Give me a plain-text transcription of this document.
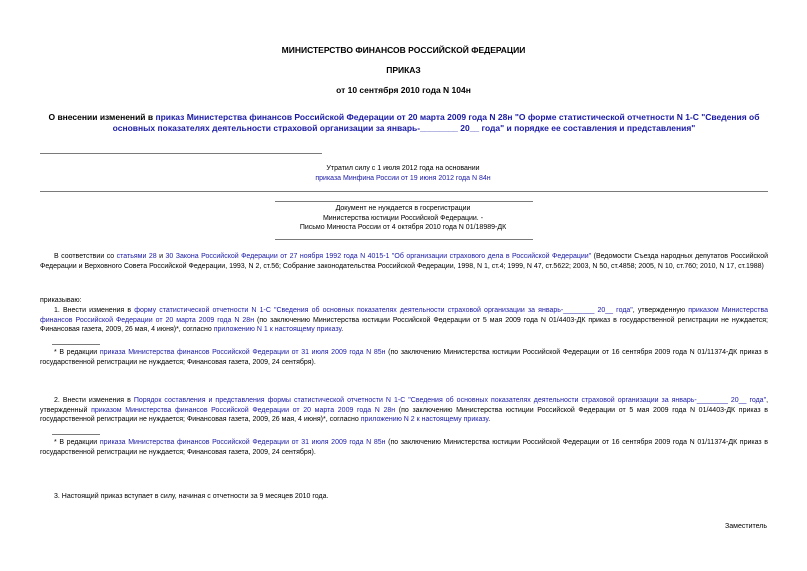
МИНИСТЕРСТВО ФИНАНСОВ РОССИЙСКОЙ ФЕДЕРАЦИИ
ПРИКАЗ
от 10 сентября 2010 года N 104н
О внесении изменений в приказ Министерства финансов Российской Федерации от 20 марта 2009 года N 28н "О форме статистической отчетности N 1-С "Сведения об основных показателях деятельности страховой организации за январь-________ 20__ года" и порядке ее составления и представления"
Утратил силу с 1 июля 2012 года на основании
приказа Минфина России от 19 июня 2012 года N 84н
Документ не нуждается в госрегистрации
Министерства юстиции Российской Федерации. -
Письмо Минюста России от 4 октября 2010 года N 01/18989-ДК
В соответствии со статьями 28 и 30 Закона Российской Федерации от 27 ноября 1992 года N 4015-1 "Об организации страхового дела в Российской Федерации" (Ведомости Съезда народных депутатов Российской Федерации и Верховного Совета Российской Федерации, 1993, N 2, ст.56; Собрание законодательства Российской Федерации, 1998, N 1, ст.4; 1999, N 47, ст.5622; 2003, N 50, ст.4858; 2005, N 10, ст.760; 2010, N 17, ст.1988)
приказываю:
1. Внести изменения в форму статистической отчетности N 1-С "Сведения об основных показателях деятельности страховой организации за январь-________ 20__ года", утвержденную приказом Министерства финансов Российской Федерации от 20 марта 2009 года N 28н (по заключению Министерства юстиции Российской Федерации от 5 мая 2009 года N 01/4403-ДК приказ в государственной регистрации не нуждается; Финансовая газета, 2009, 26 мая, 4 июня)*, согласно приложению N 1 к настоящему приказу.
* В редакции приказа Министерства финансов Российской Федерации от 31 июля 2009 года N 85н (по заключению Министерства юстиции Российской Федерации от 16 сентября 2009 года N 01/11374-ДК приказ в государственной регистрации не нуждается; Финансовая газета, 2009, 24 сентября).
2. Внести изменения в Порядок составления и представления формы статистической отчетности N 1-С "Сведения об основных показателях деятельности страховой организации за январь-________ 20__ года", утвержденный приказом Министерства финансов Российской Федерации от 20 марта 2009 года N 28н (по заключению Министерства юстиции Российской Федерации от 5 мая 2009 года N 01/4403-ДК приказ в государственной регистрации не нуждается; Финансовая газета, 2009, 26 мая, 4 июня)*, согласно приложению N 2 к настоящему приказу.
* В редакции приказа Министерства финансов Российской Федерации от 31 июля 2009 года N 85н (по заключению Министерства юстиции Российской Федерации от 16 сентября 2009 года N 01/11374-ДК приказ в государственной регистрации не нуждается; Финансовая газета, 2009, 24 сентября).
3. Настоящий приказ вступает в силу, начиная с отчетности за 9 месяцев 2010 года.
Заместитель
